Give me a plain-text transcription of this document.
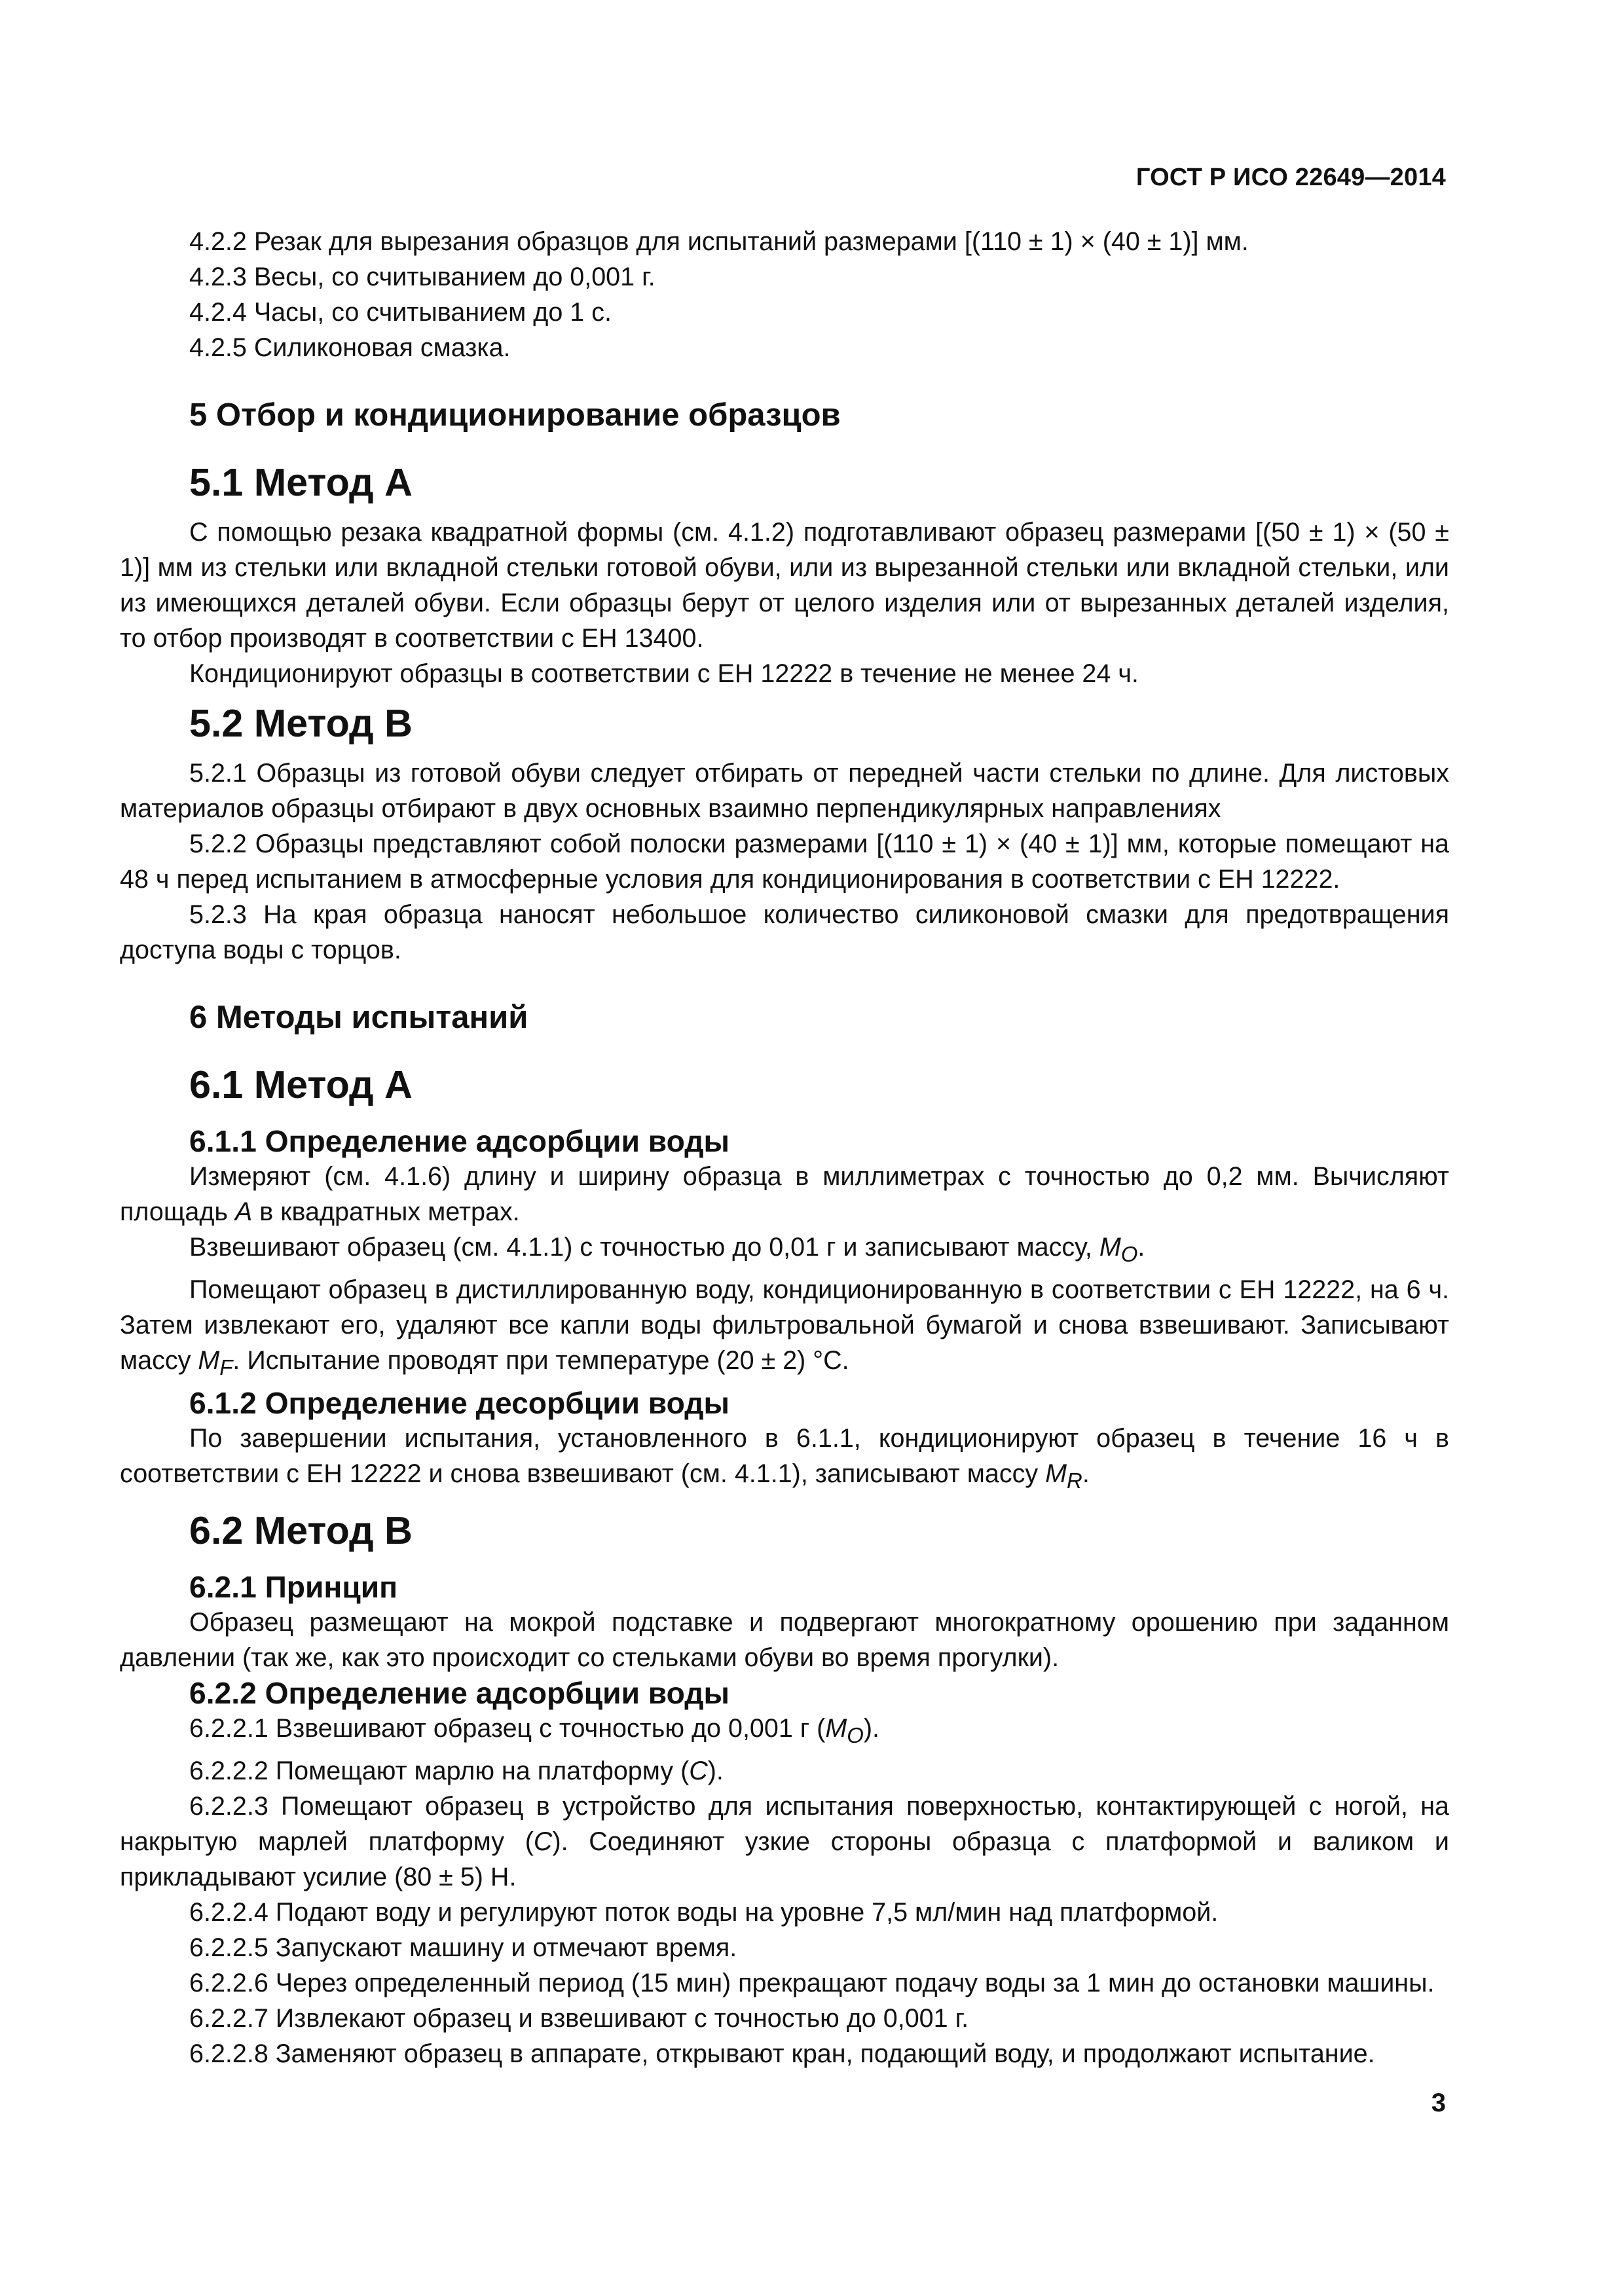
ГОСТ Р ИСО 22649—2014

4.2.2 Резак для вырезания образцов для испытаний размерами [(110 ± 1) × (40 ± 1)] мм.

4.2.3 Весы, со считыванием до 0,001 г.

4.2.4 Часы, со считыванием до 1 с.

4.2.5 Силиконовая смазка.

5 Отбор и кондиционирование образцов
5.1 Метод А

С помощью резака квадратной формы (см. 4.1.2) подготавливают образец размерами [(50 ± 1) × (50 ± 1)] мм из стельки или вкладной стельки готовой обуви, или из вырезанной стельки или вкладной стельки, или из имеющихся деталей обуви. Если образцы берут от целого изделия или от вырезанных деталей изделия, то отбор производят в соответствии с ЕН 13400.

Кондиционируют образцы в соответствии с ЕН 12222 в течение не менее 24 ч.

5.2 Метод В

5.2.1 Образцы из готовой обуви следует отбирать от передней части стельки по длине. Для листовых материалов образцы отбирают в двух основных взаимно перпендикулярных направлениях

5.2.2 Образцы представляют собой полоски размерами [(110 ± 1) × (40 ± 1)] мм, которые помещают на 48 ч перед испытанием в атмосферные условия для кондиционирования в соответствии с ЕН 12222.

5.2.3 На края образца наносят небольшое количество силиконовой смазки для предотвращения доступа воды с торцов.

6 Методы испытаний
6.1 Метод А
6.1.1 Определение адсорбции воды

Измеряют (см. 4.1.6) длину и ширину образца в миллиметрах с точностью до 0,2 мм. Вычисляют площадь A в квадратных метрах.

Взвешивают образец (см. 4.1.1) с точностью до 0,01 г и записывают массу, $M_O$.

Помещают образец в дистиллированную воду, кондиционированную в соответствии с ЕН 12222, на 6 ч. Затем извлекают его, удаляют все капли воды фильтровальной бумагой и снова взвешивают. Записывают массу $M_F$. Испытание проводят при температуре (20 ± 2) °С.

6.1.2 Определение десорбции воды

По завершении испытания, установленного в 6.1.1, кондиционируют образец в течение 16 ч в соответствии с ЕН 12222 и снова взвешивают (см. 4.1.1), записывают массу $M_R$.

6.2 Метод В
6.2.1 Принцип

Образец размещают на мокрой подставке и подвергают многократному орошению при заданном давлении (так же, как это происходит со стельками обуви во время прогулки).

6.2.2 Определение адсорбции воды

6.2.2.1 Взвешивают образец с точностью до 0,001 г $(M_O)$.

6.2.2.2 Помещают марлю на платформу (C).

6.2.2.3 Помещают образец в устройство для испытания поверхностью, контактирующей с ногой, на накрытую марлей платформу (C). Соединяют узкие стороны образца с платформой и валиком и прикладывают усилие (80 ± 5) Н.

6.2.2.4 Подают воду и регулируют поток воды на уровне 7,5 мл/мин над платформой.

6.2.2.5 Запускают машину и отмечают время.

6.2.2.6 Через определенный период (15 мин) прекращают подачу воды за 1 мин до остановки машины.

6.2.2.7 Извлекают образец и взвешивают с точностью до 0,001 г.

6.2.2.8 Заменяют образец в аппарате, открывают кран, подающий воду, и продолжают испытание.

3
